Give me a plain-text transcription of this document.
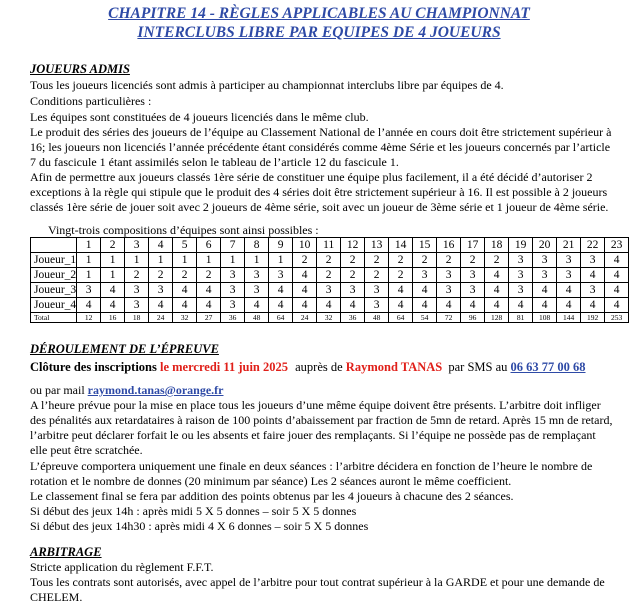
CHAPITRE 14 - RÈGLES APPLICABLES AU CHAMPIONNAT
INTERCLUBS LIBRE PAR EQUIPES DE 4 JOUEURS
JOUEURS ADMIS
Tous les joueurs licenciés sont admis à participer au championnat interclubs libre par équipes de 4.
Conditions particulières :
Les équipes sont constituées de 4 joueurs licenciés dans le même club.
Le produit des séries des joueurs de l’équipe au Classement National de l’année en cours doit être strictement supérieur à
16; les joueurs non licenciés l’année précédente étant considérés comme 4ème Série et les joueurs concernés par l’article
7 du fascicule 1 étant assimilés selon le tableau de l’article 12 du fascicule 1.
Afin de permettre aux joueurs classés 1ère série de constituer une équipe plus facilement, il a été décidé d’autoriser 2
exceptions à la règle qui stipule que le produit des 4 séries doit être strictement supérieur à 16. Il est possible à 2 joueurs
classés 1ère série de jouer soit avec 2 joueurs de 4ème série, soit avec un joueur de 3ème série et 1 joueur de 4ème série.
Vingt-trois compositions d’équipes sont ainsi possibles :
	1	2	3	4	5	6	7	8	9	10	11	12	13	14	15	16	17	18	19	20	21	22	23
Joueur_1	1	1	1	1	1	1	1	1	1	2	2	2	2	2	2	2	2	2	3	3	3	3	4
Joueur_2	1	1	2	2	2	2	3	3	3	4	2	2	2	2	3	3	3	4	3	3	3	4	4
Joueur_3	3	4	3	3	4	4	3	3	4	4	3	3	3	4	4	3	3	4	3	4	4	3	4
Joueur_4	4	4	3	4	4	4	3	4	4	4	4	4	3	4	4	4	4	4	4	4	4	4	4
Total	12	16	18	24	32	27	36	48	64	24	32	36	48	64	54	72	96	128	81	108	144	192	253
DÉROULEMENT DE L’ÉPREUVE
Clôture des inscriptions le mercredi 11 juin 2025 auprès de Raymond TANAS par SMS au 06 63 77 00 68
ou par mail raymond.tanas@orange.fr
A l’heure prévue pour la mise en place tous les joueurs d’une même équipe doivent être présents. L’arbitre doit infliger
des pénalités aux retardataires à raison de 100 points d’abaissement par fraction de 5mn de retard. Après 15 mn de retard,
l’arbitre peut déclarer forfait le ou les absents et faire jouer des remplaçants. Si l’équipe ne possède pas de remplaçant
elle peut être scratchée.
L’épreuve comportera uniquement une finale en deux séances : l’arbitre décidera en fonction de l’heure le nombre de
rotation et le nombre de donnes (20 minimum par séance) Les 2 séances auront le même coefficient.
Le classement final se fera par addition des points obtenus par les 4 joueurs à chacune des 2 séances.
Si début des jeux 14h : après midi 5 X 5 donnes – soir 5 X 5 donnes
Si début des jeux 14h30 : après midi 4 X 6 donnes – soir 5 X 5 donnes
ARBITRAGE
Stricte application du règlement F.F.T.
Tous les contrats sont autorisés, avec appel de l’arbitre pour tout contrat supérieur à la GARDE et pour une demande de
CHELEM.
